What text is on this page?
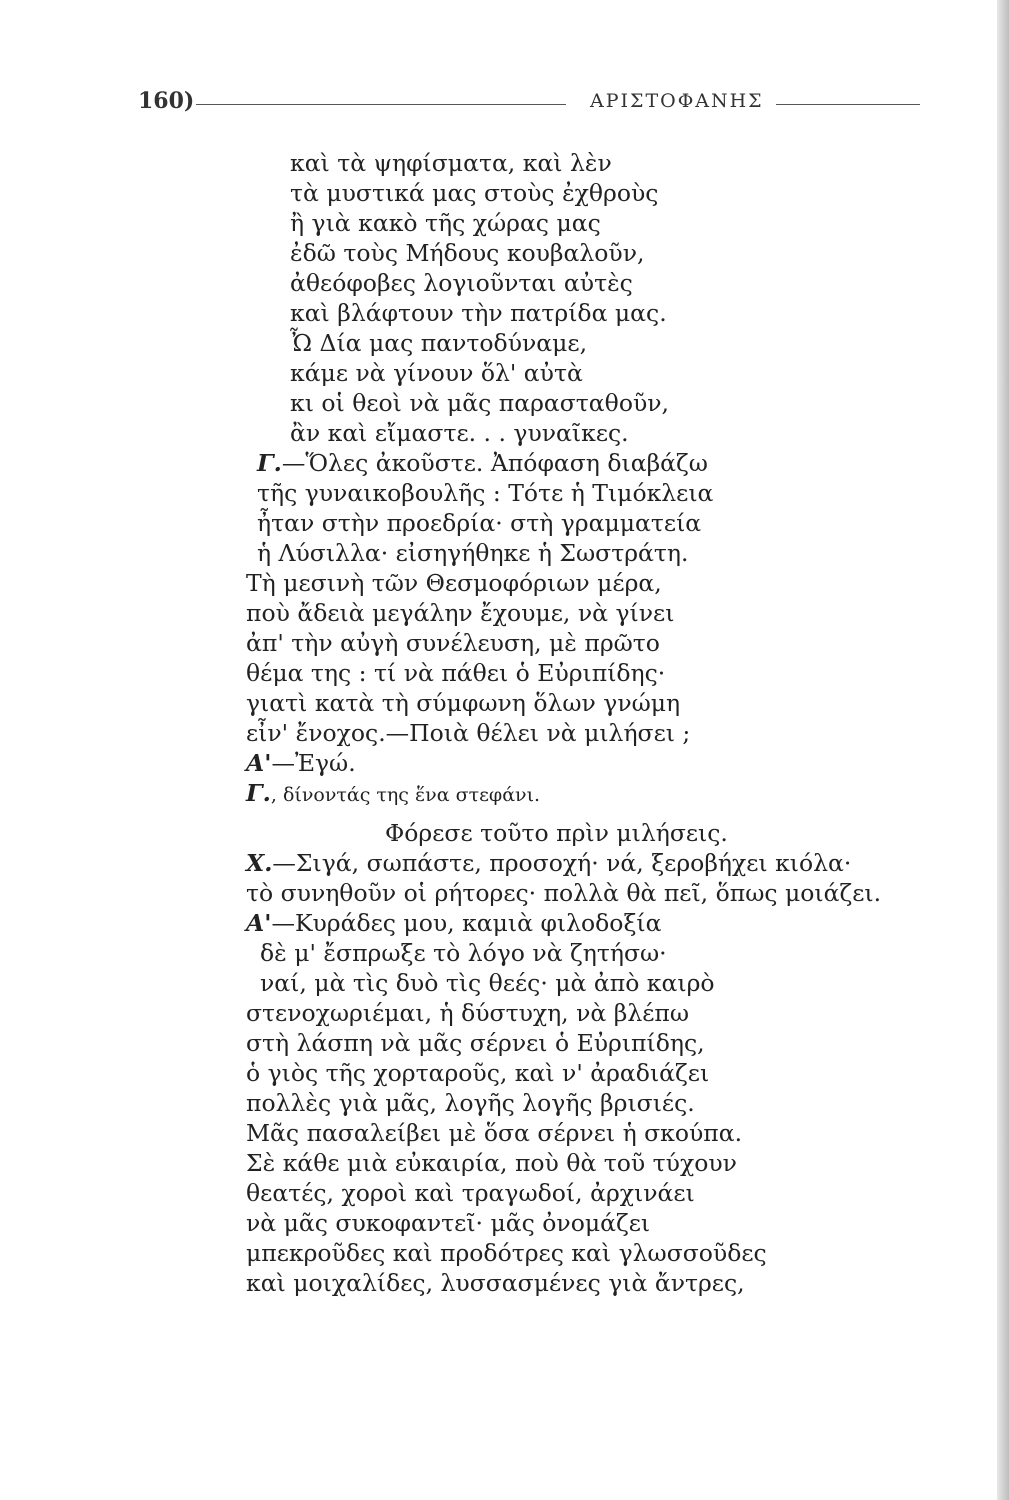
160)	ΑΡΙΣΤΟΦΑΝΗΣ
καὶ τὰ ψηφίσματα, καὶ λὲν
τὰ μυστικά μας στοὺς ἐχθροὺς
ἢ γιὰ κακὸ τῆς χώρας μας
ἐδῶ τοὺς Μήδους κουβαλοῦν,
ἀθεόφοβες λογιοῦνται αὐτὲς
καὶ βλάφτουν τὴν πατρίδα μας.
Ὦ Δία μας παντοδύναμε,
κάμε νὰ γίνουν ὅλ' αὐτὰ
κι οἱ θεοὶ νὰ μᾶς παρασταθοῦν,
ἂν καὶ εἴμαστε. . . γυναῖκες.
Γ.—Ὅλες ἀκοῦστε. Ἀπόφαση διαβάζω
τῆς γυναικοβουλῆς : Τότε ἡ Τιμόκλεια
ἦταν στὴν προεδρία· στὴ γραμματεία
ἡ Λύσιλλα· εἰσηγήθηκε ἡ Σωστράτη.
Τὴ μεσινὴ τῶν Θεσμοφόριων μέρα,
ποὺ ἄδειὰ μεγάλην ἔχουμε, νὰ γίνει
ἀπ' τὴν αὐγὴ συνέλευση, μὲ πρῶτο
θέμα της : τί νὰ πάθει ὁ Εὐριπίδης·
γιατὶ κατὰ τὴ σύμφωνη ὅλων γνώμη
εἶν' ἔνοχος.—Ποιὰ θέλει νὰ μιλήσει ;
Α'—Ἐγώ.
Γ., δίνοντάς της ἕνα στεφάνι.
Φόρεσε τοῦτο πρὶν μιλήσεις.
Χ.—Σιγά, σωπάστε, προσοχή· νά, ξεροβήχει κιόλα·
τὸ συνηθοῦν οἱ ρήτορες· πολλὰ θὰ πεῖ, ὅπως μοιάζει.
Α'—Κυράδες μου, καμιὰ φιλοδοξία
δὲ μ' ἔσπρωξε τὸ λόγο νὰ ζητήσω·
ναί, μὰ τὶς δυὸ τὶς θεές· μὰ ἀπὸ καιρὸ
στενοχωριέμαι, ἡ δύστυχη, νὰ βλέπω
στὴ λάσπη νὰ μᾶς σέρνει ὁ Εὐριπίδης,
ὁ γιὸς τῆς χορταροῦς, καὶ ν' ἀραδιάζει
πολλὲς γιὰ μᾶς, λογῆς λογῆς βρισιές.
Μᾶς πασαλείβει μὲ ὅσα σέρνει ἡ σκούπα.
Σὲ κάθε μιὰ εὐκαιρία, ποὺ θὰ τοῦ τύχουν
θεατές, χοροὶ καὶ τραγωδοί, ἀρχινάει
νὰ μᾶς συκοφαντεῖ· μᾶς ὀνομάζει
μπεκροῦδες καὶ προδότρες καὶ γλωσσοῦδες
καὶ μοιχαλίδες, λυσσασμένες γιὰ ἄντρες,
